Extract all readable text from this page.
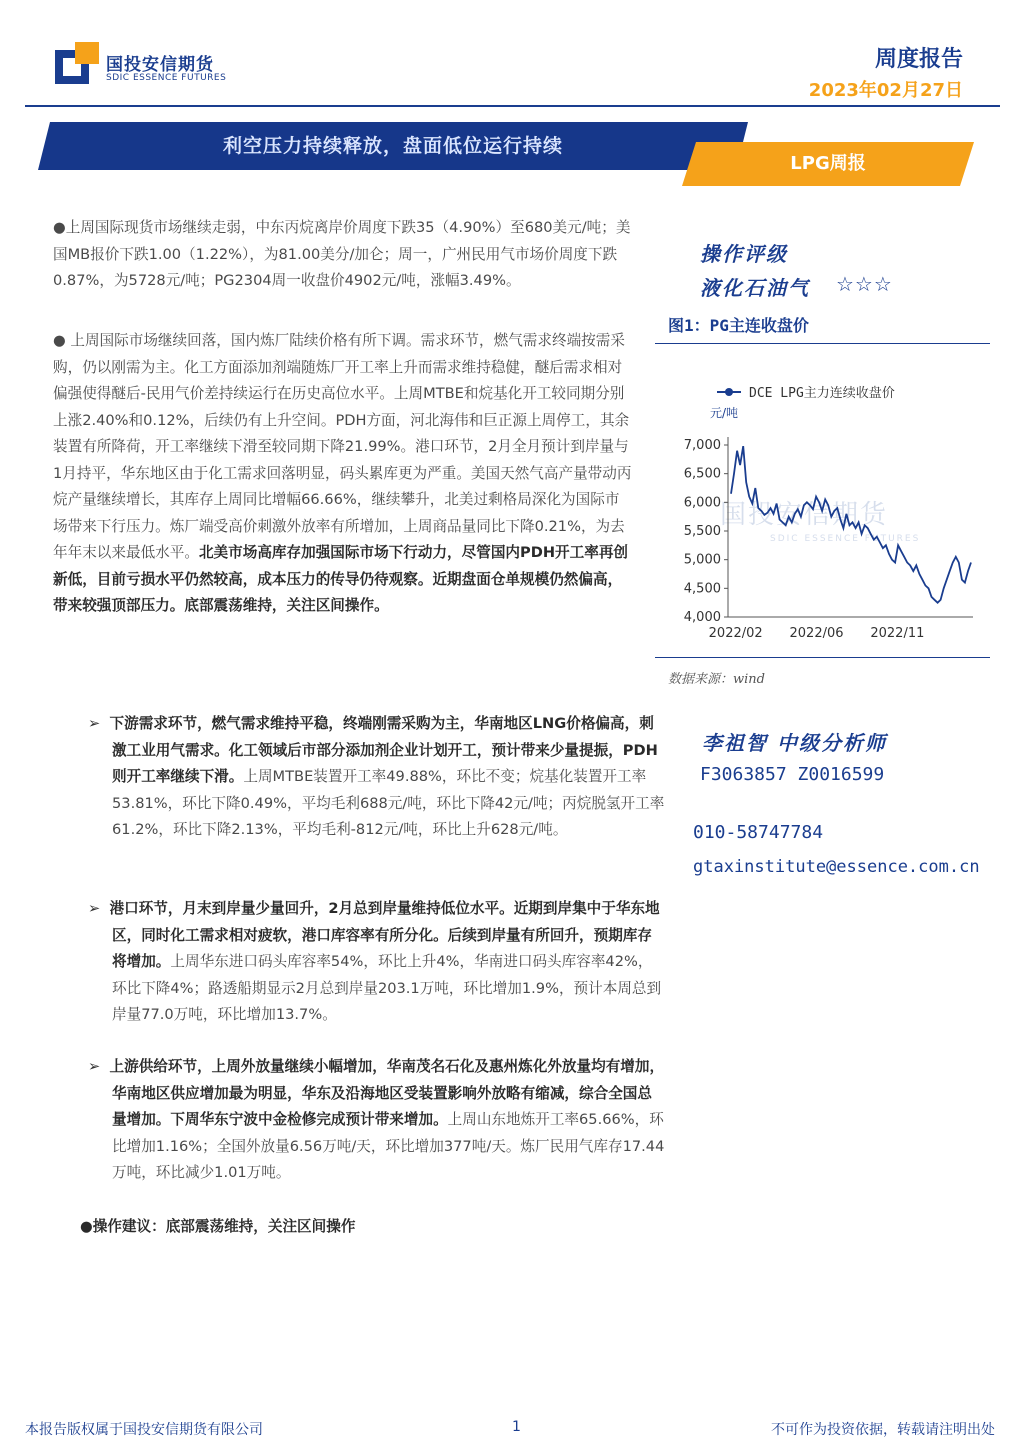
国投安信期货
SDIC ESSENCE FUTURES
周度报告
2023年02月27日
利空压力持续释放，盘面低位运行持续
LPG周报
●上周国际现货市场继续走弱，中东丙烷离岸价周度下跌35（4.90%）至680美元/吨；美国MB报价下跌1.00（1.22%），为81.00美分/加仑；周一，广州民用气市场价周度下跌0.87%，为5728元/吨；PG2304周一收盘价4902元/吨，涨幅3.49%。
● 上周国际市场继续回落，国内炼厂陆续价格有所下调。需求环节，燃气需求终端按需采购，仍以刚需为主。化工方面添加剂端随炼厂开工率上升而需求维持稳健，醚后需求相对偏强使得醚后-民用气价差持续运行在历史高位水平。上周MTBE和烷基化开工较同期分别上涨2.40%和0.12%，后续仍有上升空间。PDH方面，河北海伟和巨正源上周停工，其余装置有所降荷，开工率继续下滑至较同期下降21.99%。港口环节，2月全月预计到岸量与1月持平，华东地区由于化工需求回落明显，码头累库更为严重。美国天然气高产量带动丙烷产量继续增长，其库存上周同比增幅66.66%，继续攀升，北美过剩格局深化为国际市场带来下行压力。炼厂端受高价刺激外放率有所增加，上周商品量同比下降0.21%，为去年年末以来最低水平。北美市场高库存加强国际市场下行动力，尽管国内PDH开工率再创新低，目前亏损水平仍然较高，成本压力的传导仍待观察。近期盘面仓单规模仍然偏高，带来较强顶部压力。底部震荡维持，关注区间操作。
➢ 下游需求环节，燃气需求维持平稳，终端刚需采购为主，华南地区LNG价格偏高，刺激工业用气需求。化工领域后市部分添加剂企业计划开工，预计带来少量提振，PDH则开工率继续下滑。上周MTBE装置开工率49.88%，环比不变；烷基化装置开工率53.81%，环比下降0.49%，平均毛利688元/吨，环比下降42元/吨；丙烷脱氢开工率61.2%，环比下降2.13%，平均毛利-812元/吨，环比上升628元/吨。
➢ 港口环节，月末到岸量少量回升，2月总到岸量维持低位水平。近期到岸集中于华东地区，同时化工需求相对疲软，港口库容率有所分化。后续到岸量有所回升，预期库存将增加。上周华东进口码头库容率54%，环比上升4%，华南进口码头库容率42%，环比下降4%；路透船期显示2月总到岸量203.1万吨，环比增加1.9%，预计本周总到岸量77.0万吨，环比增加13.7%。
➢ 上游供给环节，上周外放量继续小幅增加，华南茂名石化及惠州炼化外放量均有增加，华南地区供应增加最为明显，华东及沿海地区受装置影响外放略有缩减，综合全国总量增加。下周华东宁波中金检修完成预计带来增加。上周山东地炼开工率65.66%，环比增加1.16%；全国外放量6.56万吨/天，环比增加377吨/天。炼厂民用气库存17.44万吨，环比减少1.01万吨。
●操作建议：底部震荡维持，关注区间操作
操作评级
液化石油气 ☆☆☆
图1：PG主连收盘价
国投安信期货
SDIC ESSENCE FUTURES
DCE LPG主力连续收盘价
元/吨
7,000
6,500
6,000
5,500
5,000
4,500
4,000
2022/02 2022/06 2022/11
数据来源：wind
李祖智 中级分析师
F3063857 Z0016599
010-58747784
gtaxinstitute@essence.com.cn
本报告版权属于国投安信期货有限公司	1	不可作为投资依据，转载请注明出处
